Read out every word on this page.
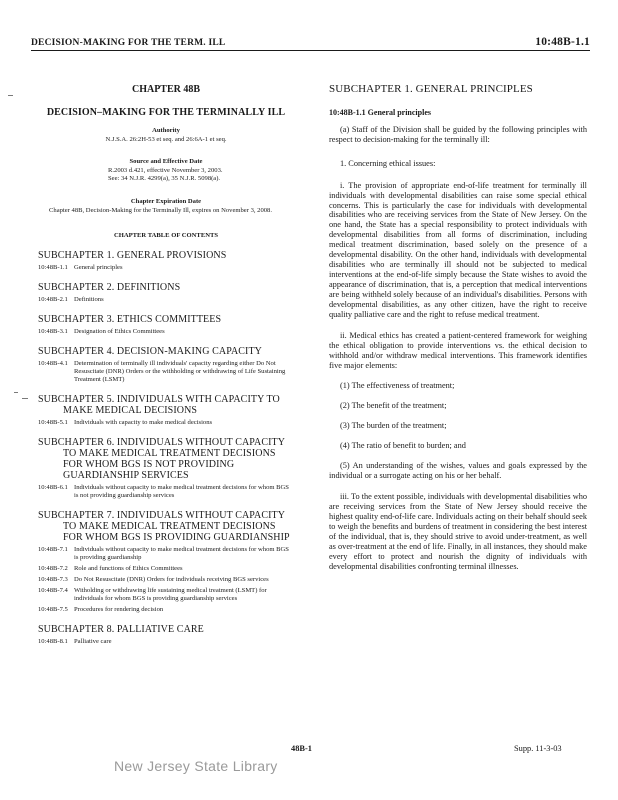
DECISION-MAKING FOR THE TERM. ILL	10:48B-1.1

CHAPTER 48B

DECISION–MAKING FOR THE TERMINALLY ILL

Authority

N.J.S.A. 26:2H-53 et seq. and 26:6A-1 et seq.

Source and Effective Date

R.2003 d.421, effective November 3, 2003.

See: 34 N.J.R. 4299(a), 35 N.J.R. 5098(a).

Chapter Expiration Date

Chapter 48B, Decision-Making for the Terminally Ill, expires on November 3, 2008.

CHAPTER TABLE OF CONTENTS

SUBCHAPTER 1. GENERAL PROVISIONS

10:48B-1.1 General principles

SUBCHAPTER 2. DEFINITIONS

10:48B-2.1 Definitions

SUBCHAPTER 3. ETHICS COMMITTEES

10:48B-3.1 Designation of Ethics Committees

SUBCHAPTER 4. DECISION-MAKING CAPACITY

10:48B-4.1 Determination of terminally ill individuals' capacity regarding either Do Not Resuscitate (DNR) Orders or the withholding or withdrawing of Life Sustaining Treatment (LSMT)

SUBCHAPTER 5. INDIVIDUALS WITH CAPACITY TO
MAKE MEDICAL DECISIONS

10:48B-5.1 Individuals with capacity to make medical decisions

SUBCHAPTER 6. INDIVIDUALS WITHOUT CAPACITY
TO MAKE MEDICAL TREATMENT DECISIONS FOR WHOM BGS IS NOT PROVIDING GUARDIANSHIP SERVICES

10:48B-6.1 Individuals without capacity to make medical treatment decisions for whom BGS is not providing guardianship services

SUBCHAPTER 7. INDIVIDUALS WITHOUT CAPACITY
TO MAKE MEDICAL TREATMENT DECISIONS FOR WHOM BGS IS PROVIDING GUARDIANSHIP

10:48B-7.1 Individuals without capacity to make medical treatment decisions for whom BGS is providing guardianship
10:48B-7.2 Role and functions of Ethics Committees
10:48B-7.3 Do Not Resuscitate (DNR) Orders for individuals receiving BGS services
10:48B-7.4 Witholding or withdrawing life sustaining medical treatment (LSMT) for individuals for whom BGS is providing guardianship services
10:48B-7.5 Procedures for rendering decision

SUBCHAPTER 8. PALLIATIVE CARE

10:48B-8.1 Palliative care

SUBCHAPTER 1. GENERAL PRINCIPLES

10:48B-1.1 General principles

(a) Staff of the Division shall be guided by the following principles with respect to decision-making for the terminally ill:

1. Concerning ethical issues:

i. The provision of appropriate end-of-life treatment for terminally ill individuals with developmental disabilities can raise some special ethical concerns. This is particularly the case for individuals with developmental disabilities who are receiving services from the State of New Jersey. On the one hand, the State has a special responsibility to protect individuals with developmental disabilities from all forms of discrimination, including medical treatment discrimination, based solely on the presence of a developmental disability. On the other hand, individuals with developmental disabilities who are terminally ill should not be subjected to medical interventions at the end-of-life simply because the State wishes to avoid the appearance of discrimination, that is, a perception that medical interventions are being withheld solely because of an individual's disabilities. Persons with developmental disabilities, as any other citizen, have the right to receive quality palliative care and the right to refuse medical treatment.

ii. Medical ethics has created a patient-centered framework for weighing the ethical obligation to provide interventions vs. the ethical decision to withhold and/or withdraw medical interventions. This framework identifies five major elements:

(1) The effectiveness of treatment;

(2) The benefit of the treatment;

(3) The burden of the treatment;

(4) The ratio of benefit to burden; and

(5) An understanding of the wishes, values and goals expressed by the individual or a surrogate acting on his or her behalf.

iii. To the extent possible, individuals with developmental disabilities who are receiving services from the State of New Jersey should receive the highest quality end-of-life care. Individuals acting on their behalf should seek to weigh the benefits and burdens of treatment in considering the best interest of the individual, that is, they should strive to avoid under-treatment, as well as over-treatment at the end of life. Finally, in all instances, they should make every effort to protect and nourish the dignity of individuals with developmental disabilities confronting terminal illnesses.

48B-1	Supp. 11-3-03
New Jersey State Library
